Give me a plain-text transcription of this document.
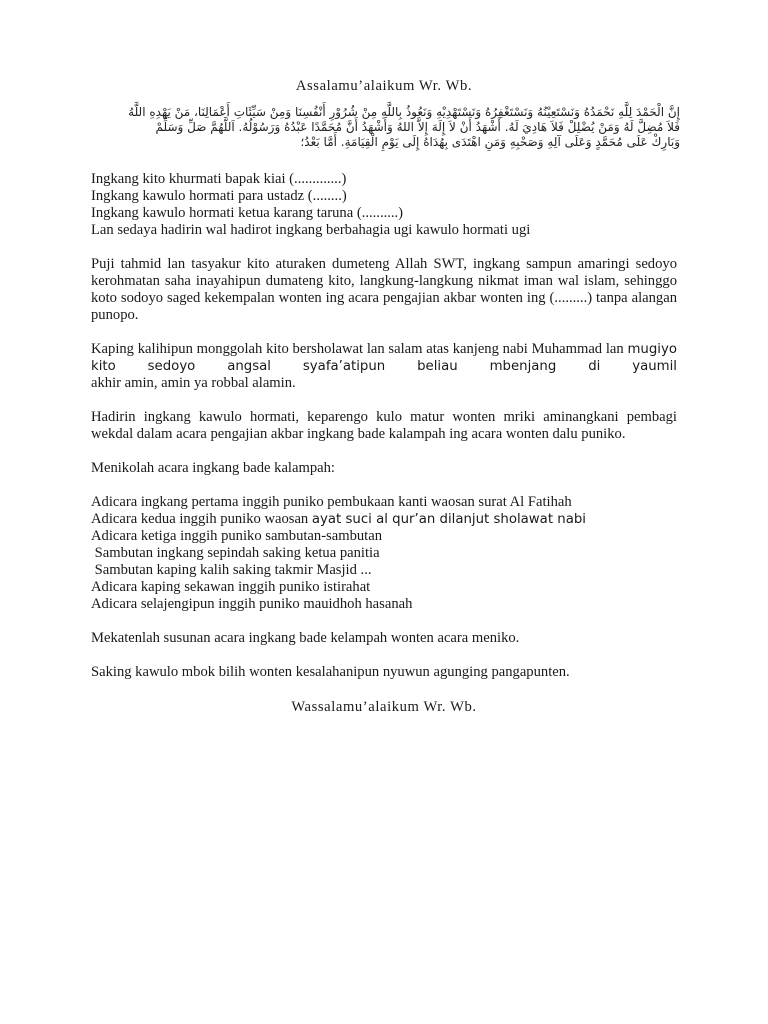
Assalamu’alaikum Wr. Wb.

إِنَّ الْحَمْدَ لِلَّهِ نَحْمَدُهُ وَنَسْتَعِيْنُهُ وَنَسْتَغْفِرُهُ وَنَسْتَهْدِيْهِ وَنَعُوذُ بِاللَّهِ مِنْ شُرُوْرِ أَنْفُسِنَا وَمِنْ سَيِّئَاتِ أَعْمَالِنَا، مَنْ يَهْدِهِ اللَّهُ
فَلاَ مُضِلَّ لَهُ وَمَنْ يُضْلِلْ فَلاَ هَادِيَ لَهُ. أَشْهَدُ أَنْ لاَ إِلَهَ إِلاَّ اللهُ وَأَشْهَدُ أَنَّ مُحَمَّدًا عَبْدُهُ وَرَسُوْلُهُ. اَللَّهُمَّ صَلِّ وَسَلِّمْ
وَبَارِكْ عَلَى مُحَمَّدٍ وَعَلَى آلِهِ وَصَحْبِهِ وَمَنِ اهْتَدَى بِهُدَاهُ إِلَى يَوْمِ الْقِيَامَةِ. أَمَّا بَعْدُ؛
Ingkang kito khurmati bapak kiai (.............)
Ingkang kawulo hormati para ustadz (........)
Ingkang kawulo hormati ketua karang taruna (..........)
Lan sedaya hadirin wal hadirot ingkang berbahagia ugi kawulo hormati ugi

Puji tahmid lan tasyakur kito aturaken dumeteng Allah SWT, ingkang sampun amaringi sedoyo kerohmatan saha inayahipun dumateng kito, langkung-langkung nikmat iman wal islam, sehinggo koto sodoyo saged kekempalan wonten ing acara pengajian akbar wonten ing (.........) tanpa alangan punopo.

Kaping kalihipun monggolah kito bersholawat lan salam atas kanjeng nabi Muhammad lan mugiyo kito sedoyo angsal syafa’atipun beliau mbenjang di yaumil
akhir amin, amin ya robbal alamin.

Hadirin ingkang kawulo hormati, keparengo kulo matur wonten mriki aminangkani pembagi wekdal dalam acara pengajian akbar ingkang bade kalampah ing acara wonten dalu puniko.

Menikolah acara ingkang bade kalampah:

Adicara ingkang pertama inggih puniko pembukaan kanti waosan surat Al Fatihah
Adicara kedua inggih puniko waosan ayat suci al qur’an dilanjut sholawat nabi
Adicara ketiga inggih puniko sambutan-sambutan
Sambutan ingkang sepindah saking ketua panitia
Sambutan kaping kalih saking takmir Masjid ...
Adicara kaping sekawan inggih puniko istirahat
Adicara selajengipun inggih puniko mauidhoh hasanah

Mekatenlah susunan acara ingkang bade kelampah wonten acara meniko.

Saking kawulo mbok bilih wonten kesalahanipun nyuwun agunging pangapunten.

Wassalamu’alaikum Wr. Wb.
